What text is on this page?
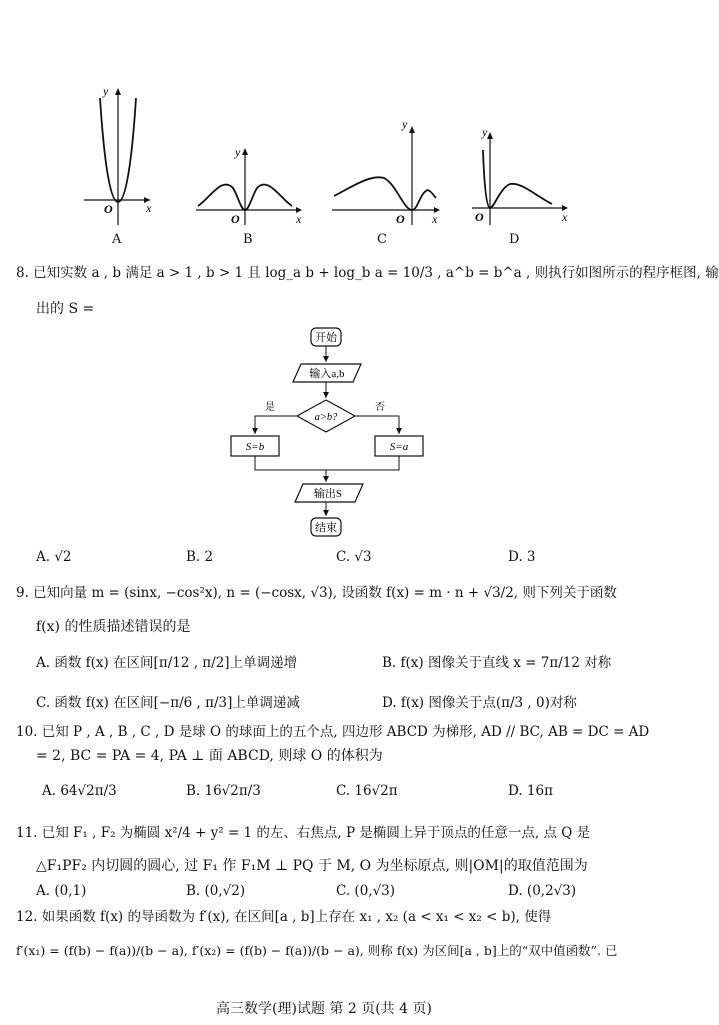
y
x
O
y
x
O
y
x
O
y
x
O
A	B	C	D
8. 已知实数 a , b 满足 a > 1 , b > 1 且 log_a b + log_b a = 10/3 , a^b = b^a , 则执行如图所示的程序框图, 输
出的 S =
开始
输入a,b
a>b?
是	否
S=b	S=a
输出S
结束
A. √2	B. 2	C. √3	D. 3
9. 已知向量 m = (sinx, −cos²x), n = (−cosx, √3), 设函数 f(x) = m · n + √3/2, 则下列关于函数
f(x) 的性质描述错误的是
A. 函数 f(x) 在区间[π/12 , π/2]上单调递增	B. f(x) 图像关于直线 x = 7π/12 对称
C. 函数 f(x) 在区间[−π/6 , π/3]上单调递减	D. f(x) 图像关于点(π/3 , 0)对称
10. 已知 P , A , B , C , D 是球 O 的球面上的五个点, 四边形 ABCD 为梯形, AD // BC, AB = DC = AD
= 2, BC = PA = 4, PA ⊥ 面 ABCD, 则球 O 的体积为
A. 64√2π/3	B. 16√2π/3	C. 16√2π	D. 16π
11. 已知 F₁ , F₂ 为椭圆 x²/4 + y² = 1 的左、右焦点, P 是椭圆上异于顶点的任意一点, 点 Q 是
△F₁PF₂ 内切圆的圆心, 过 F₁ 作 F₁M ⊥ PQ 于 M, O 为坐标原点, 则|OM|的取值范围为
A. (0,1)	B. (0,√2)	C. (0,√3)	D. (0,2√3)
12. 如果函数 f(x) 的导函数为 f′(x), 在区间[a , b]上存在 x₁ , x₂ (a < x₁ < x₂ < b), 使得
f′(x₁) = (f(b) − f(a))/(b − a), f′(x₂) = (f(b) − f(a))/(b − a), 则称 f(x) 为区间[a , b]上的“双中值函数”. 已
高三数学(理)试题 第 2 页(共 4 页)
